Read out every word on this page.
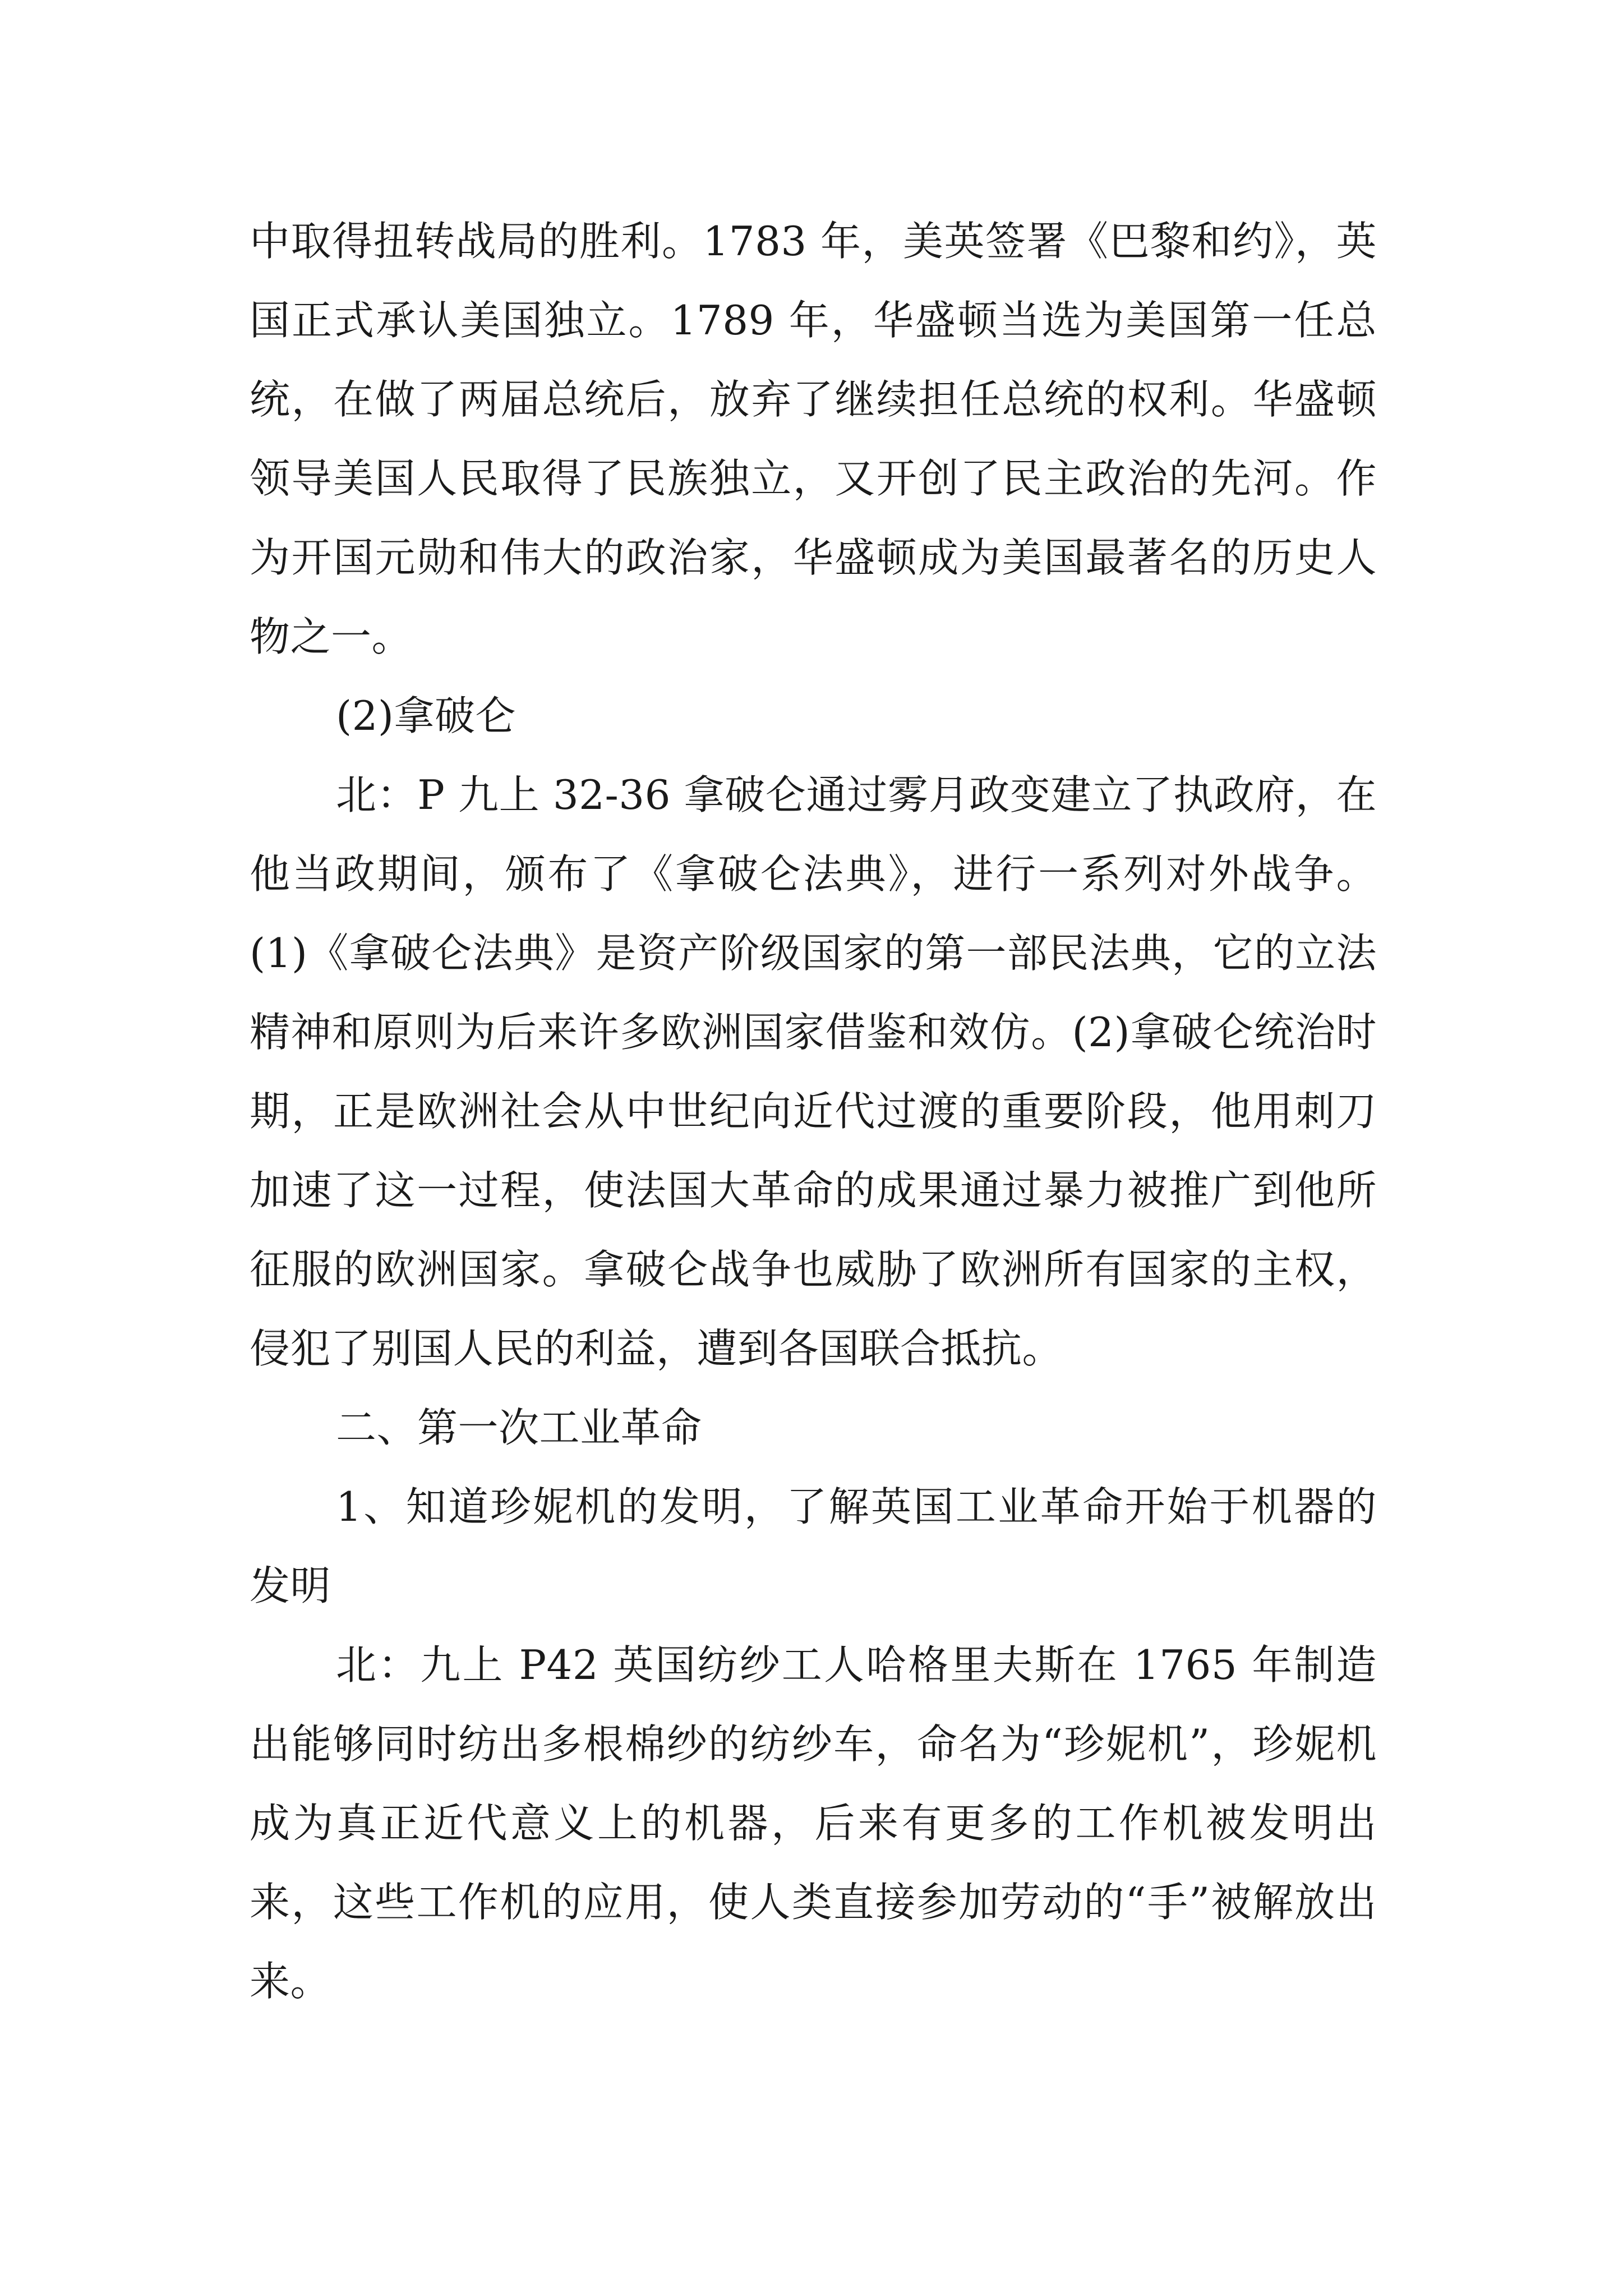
中取得扭转战局的胜利。1783 年，美英签署《巴黎和约》，英国正式承认美国独立。1789 年，华盛顿当选为美国第一任总统，在做了两届总统后，放弃了继续担任总统的权利。华盛顿领导美国人民取得了民族独立，又开创了民主政治的先河。作为开国元勋和伟大的政治家，华盛顿成为美国最著名的历史人物之一。

(2)拿破仑

北：P 九上 32-36 拿破仑通过雾月政变建立了执政府，在他当政期间，颁布了《拿破仑法典》，进行一系列对外战争。(1)《拿破仑法典》是资产阶级国家的第一部民法典，它的立法精神和原则为后来许多欧洲国家借鉴和效仿。(2)拿破仑统治时期，正是欧洲社会从中世纪向近代过渡的重要阶段，他用刺刀加速了这一过程，使法国大革命的成果通过暴力被推广到他所征服的欧洲国家。拿破仑战争也威胁了欧洲所有国家的主权，侵犯了别国人民的利益，遭到各国联合抵抗。

二、第一次工业革命

1、知道珍妮机的发明，了解英国工业革命开始于机器的发明

北：九上 P42 英国纺纱工人哈格里夫斯在 1765 年制造出能够同时纺出多根棉纱的纺纱车，命名为“珍妮机”，珍妮机成为真正近代意义上的机器，后来有更多的工作机被发明出来，这些工作机的应用，使人类直接参加劳动的“手”被解放出来。
